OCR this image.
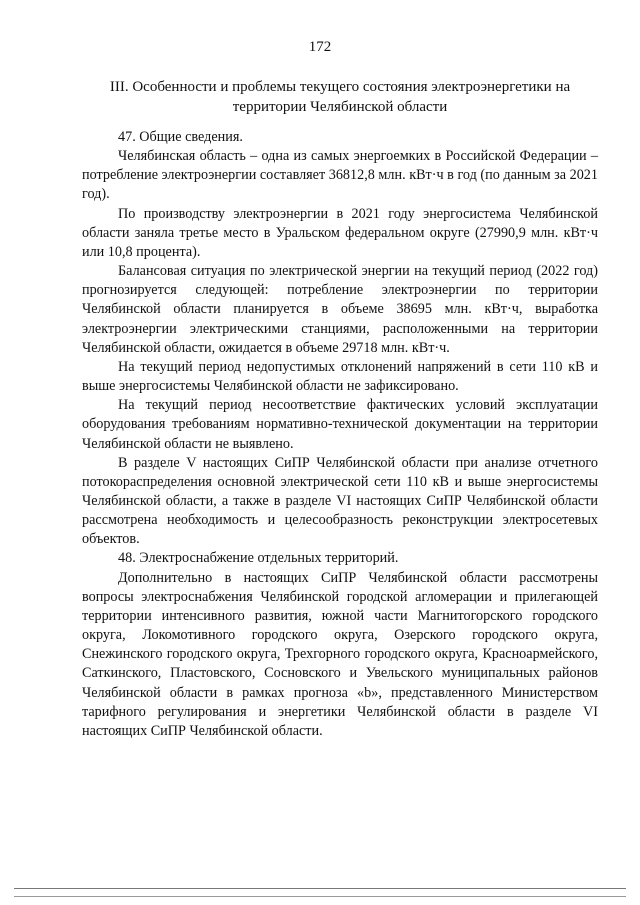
172
III. Особенности и проблемы текущего состояния электроэнергетики на территории Челябинской области

47. Общие сведения.

Челябинская область – одна из самых энергоемких в Российской Федерации – потребление электроэнергии составляет 36812,8 млн. кВт·ч в год (по данным за 2021 год).

По производству электроэнергии в 2021 году энергосистема Челябинской области заняла третье место в Уральском федеральном округе (27990,9 млн. кВт·ч или 10,8 процента).

Балансовая ситуация по электрической энергии на текущий период (2022 год) прогнозируется следующей: потребление электроэнергии по территории Челябинской области планируется в объеме 38695 млн. кВт·ч, выработка электроэнергии электрическими станциями, расположенными на территории Челябинской области, ожидается в объеме 29718 млн. кВт·ч.

На текущий период недопустимых отклонений напряжений в сети 110 кВ и выше энергосистемы Челябинской области не зафиксировано.

На текущий период несоответствие фактических условий эксплуатации оборудования требованиям нормативно-технической документации на территории Челябинской области не выявлено.

В разделе V настоящих СиПР Челябинской области при анализе отчетного потокораспределения основной электрической сети 110 кВ и выше энергосистемы Челябинской области, а также в разделе VI настоящих СиПР Челябинской области рассмотрена необходимость и целесообразность реконструкции электросетевых объектов.

48. Электроснабжение отдельных территорий.

Дополнительно в настоящих СиПР Челябинской области рассмотрены вопросы электроснабжения Челябинской городской агломерации и прилегающей территории интенсивного развития, южной части Магнитогорского городского округа, Локомотивного городского округа, Озерского городского округа, Снежинского городского округа, Трехгорного городского округа, Красноармейского, Саткинского, Пластовского, Сосновского и Увельского муниципальных районов Челябинской области в рамках прогноза «b», представленного Министерством тарифного регулирования и энергетики Челябинской области в разделе VI настоящих СиПР Челябинской области.
